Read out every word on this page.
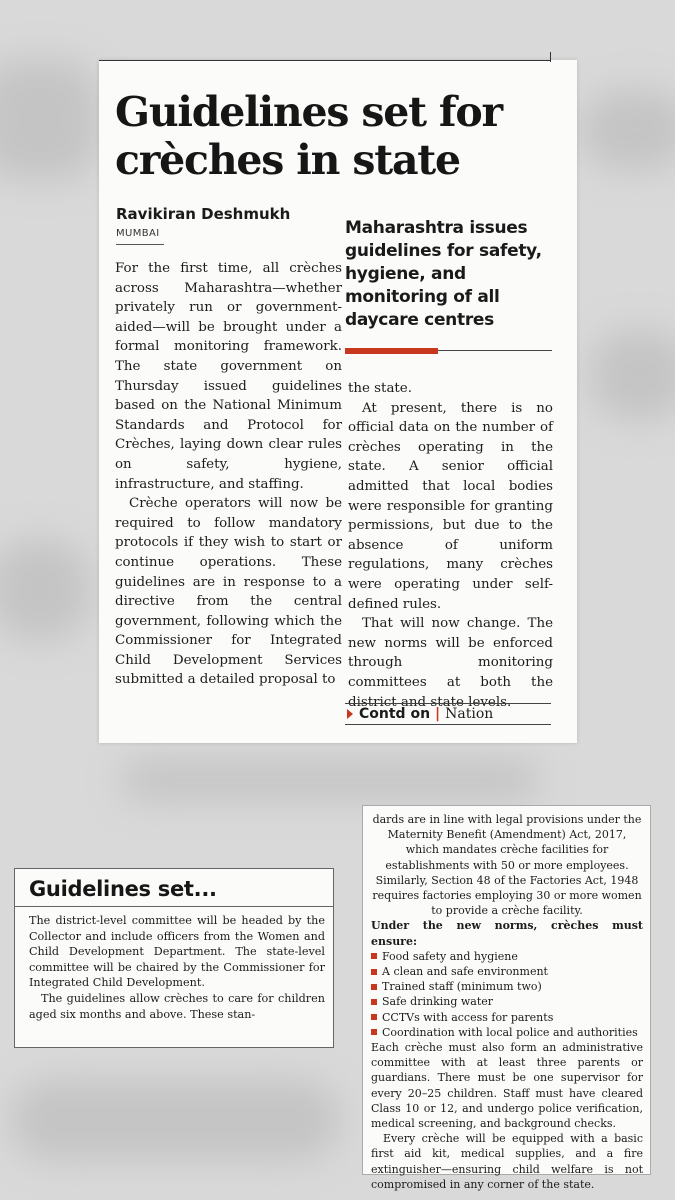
Guidelines set for crèches in state
Ravikiran Deshmukh
MUMBAI

For the first time, all crèches across Maharashtra—whether privately run or government-aided—will be brought under a formal monitoring framework. The state government on Thursday issued guidelines based on the National Minimum Standards and Protocol for Crèches, laying down clear rules on safety, hygiene, infrastructure, and staffing.

Crèche operators will now be required to follow mandatory protocols if they wish to start or continue operations. These guidelines are in response to a directive from the central government, following which the Commissioner for Integrated Child Development Services submitted a detailed proposal to

Maharashtra issues guidelines for safety, hygiene, and monitoring of all daycare centres

the state.

At present, there is no official data on the number of crèches operating in the state. A senior official admitted that local bodies were responsible for granting permissions, but due to the absence of uniform regulations, many crèches were operating under self-defined rules.

That will now change. The new norms will be enforced through monitoring committees at both the district and state levels.

Contd on | Nation
Guidelines set...

The district-level committee will be headed by the Collector and include officers from the Women and Child Development Department. The state-level committee will be chaired by the Commissioner for Integrated Child Development.

The guidelines allow crèches to care for children aged six months and above. These stan-

dards are in line with legal provisions under the Maternity Benefit (Amendment) Act, 2017, which mandates crèche facilities for establishments with 50 or more employees. Similarly, Section 48 of the Factories Act, 1948 requires factories employing 30 or more women to provide a crèche facility.

Under the new norms, crèches must ensure:

Food safety and hygiene
A clean and safe environment
Trained staff (minimum two)
Safe drinking water
CCTVs with access for parents
Coordination with local police and authorities

Each crèche must also form an administrative committee with at least three parents or guardians. There must be one supervisor for every 20–25 children. Staff must have cleared Class 10 or 12, and undergo police verification, medical screening, and background checks.

Every crèche will be equipped with a basic first aid kit, medical supplies, and a fire extinguisher—ensuring child welfare is not compromised in any corner of the state.
